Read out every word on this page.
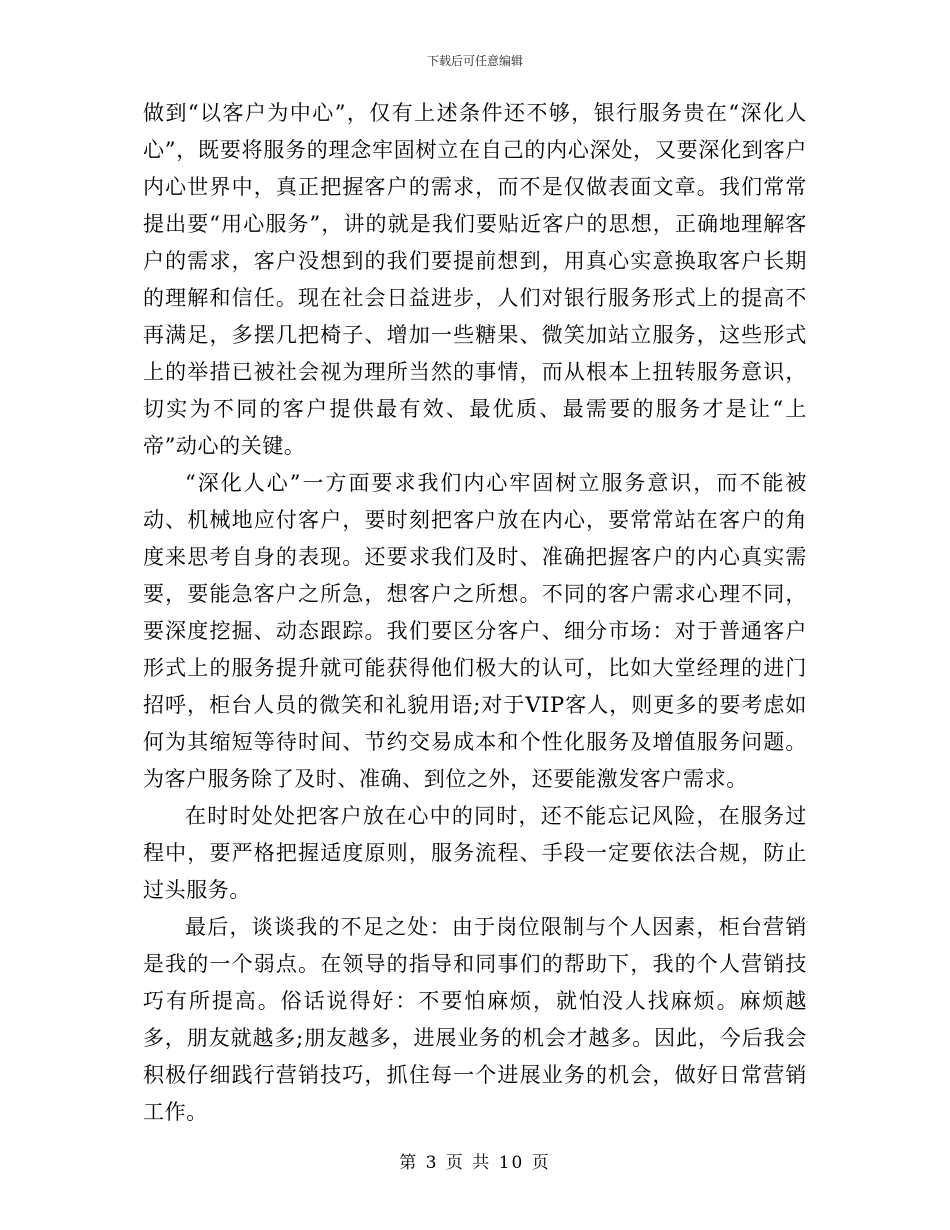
下载后可任意编辑

做到“以客户为中心”，仅有上述条件还不够，银行服务贵在“深化人心”，既要将服务的理念牢固树立在自己的内心深处，又要深化到客户内心世界中，真正把握客户的需求，而不是仅做表面文章。我们常常提出要“用心服务”，讲的就是我们要贴近客户的思想，正确地理解客户的需求，客户没想到的我们要提前想到，用真心实意换取客户长期的理解和信任。现在社会日益进步，人们对银行服务形式上的提高不再满足，多摆几把椅子、增加一些糖果、微笑加站立服务，这些形式上的举措已被社会视为理所当然的事情，而从根本上扭转服务意识，切实为不同的客户提供最有效、最优质、最需要的服务才是让“上帝”动心的关键。

“深化人心”一方面要求我们内心牢固树立服务意识，而不能被动、机械地应付客户，要时刻把客户放在内心，要常常站在客户的角度来思考自身的表现。还要求我们及时、准确把握客户的内心真实需要，要能急客户之所急，想客户之所想。不同的客户需求心理不同，要深度挖掘、动态跟踪。我们要区分客户、细分市场：对于普通客户形式上的服务提升就可能获得他们极大的认可，比如大堂经理的进门招呼，柜台人员的微笑和礼貌用语;对于VIP客人，则更多的要考虑如何为其缩短等待时间、节约交易成本和个性化服务及增值服务问题。为客户服务除了及时、准确、到位之外，还要能激发客户需求。

在时时处处把客户放在心中的同时，还不能忘记风险，在服务过程中，要严格把握适度原则，服务流程、手段一定要依法合规，防止过头服务。

最后，谈谈我的不足之处：由于岗位限制与个人因素，柜台营销是我的一个弱点。在领导的指导和同事们的帮助下，我的个人营销技巧有所提高。俗话说得好：不要怕麻烦，就怕没人找麻烦。麻烦越多，朋友就越多;朋友越多，进展业务的机会才越多。因此，今后我会积极仔细践行营销技巧，抓住每一个进展业务的机会，做好日常营销工作。

第 3 页 共 10 页
